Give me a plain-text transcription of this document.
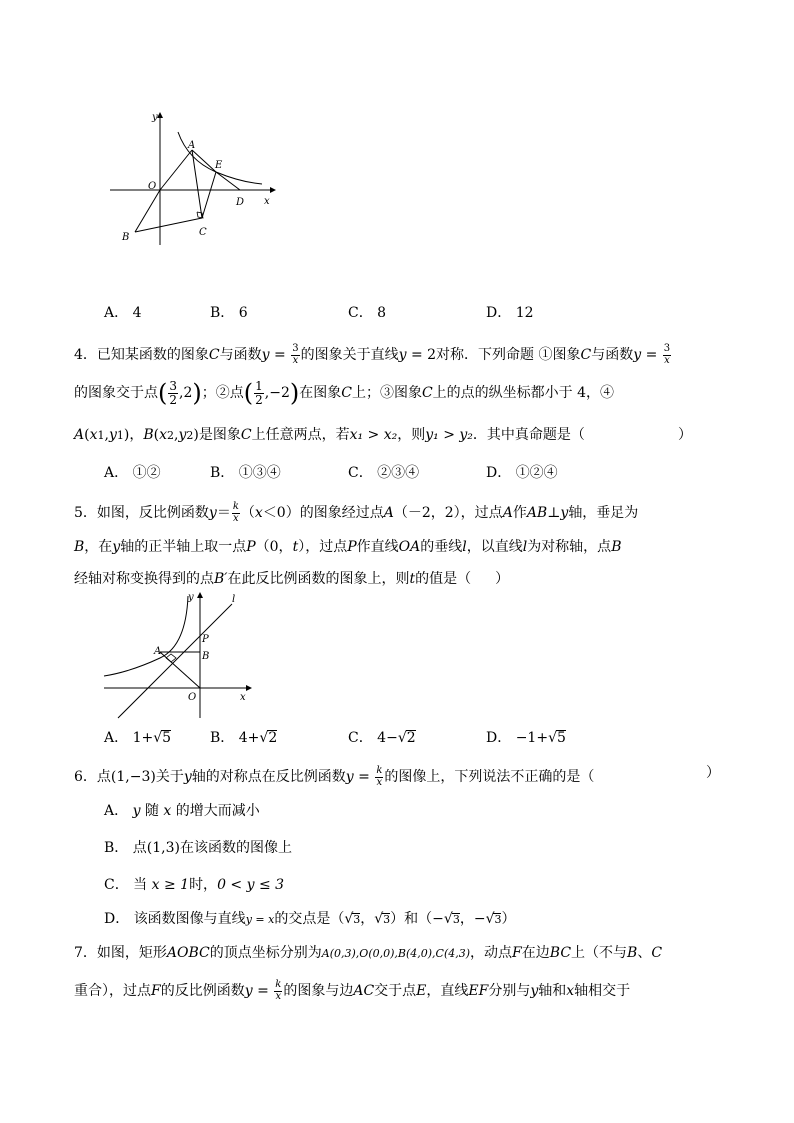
y
x
O
A
E
D
B	C
A． 4	B． 6	C． 8	D． 12
4．已知某函数的图象C与函数$y = \frac{3}{x}$ 的图象关于直线y = 2对称．下列命题 ①图象C与函数$y = \frac{3}{x}$
的图象交于点( $\frac{3}{2} ,2$)；②点( $\frac{1}{2} ,-2$)在图象C上；③图象C上的点的纵坐标都小于 4，④
A(x1,y1)，B(x2,y2)是图象C上任意两点，若x₁ > x₂，则y₁ > y₂．其中真命题是（	）
A． ①②	B． ①③④	C． ②③④	D． ①②④
5．如图，反比例函数$y= \frac{k}{x} (x<0)$的图象经过点A（－2，2），过点A作AB⊥y轴，垂足为
B，在y轴的正半轴上取一点P（0，t），过点P作直线OA的垂线l，以直线l为对称轴，点B
经轴对称变换得到的点B′在此反比例函数的图象上，则t的值是（ ）
y	l
P
A	B
O	x
A． 1+√5	B． 4+√2	C． 4−√2	D． −1+√5
6．点(1,−3)关于y轴的对称点在反比例函数$y = \frac{k}{x}$ 的图像上，下列说法不正确的是（	）
A． y 随 x 的增大而减小
B． 点(1,3)在该函数的图像上
C． 当 x ≥ 1时，0 < y ≤ 3
D． 该函数图像与直线y = x的交点是（√3，√3）和（−√3，−√3）
7．如图，矩形AOBC的顶点坐标分别为A(0,3),O(0,0),B(4,0),C(4,3)，动点F在边BC上（不与B、C
重合），过点F的反比例函数$y = \frac{k}{x}$ 的图象与边AC交于点E，直线EF分别与y轴和x轴相交于
